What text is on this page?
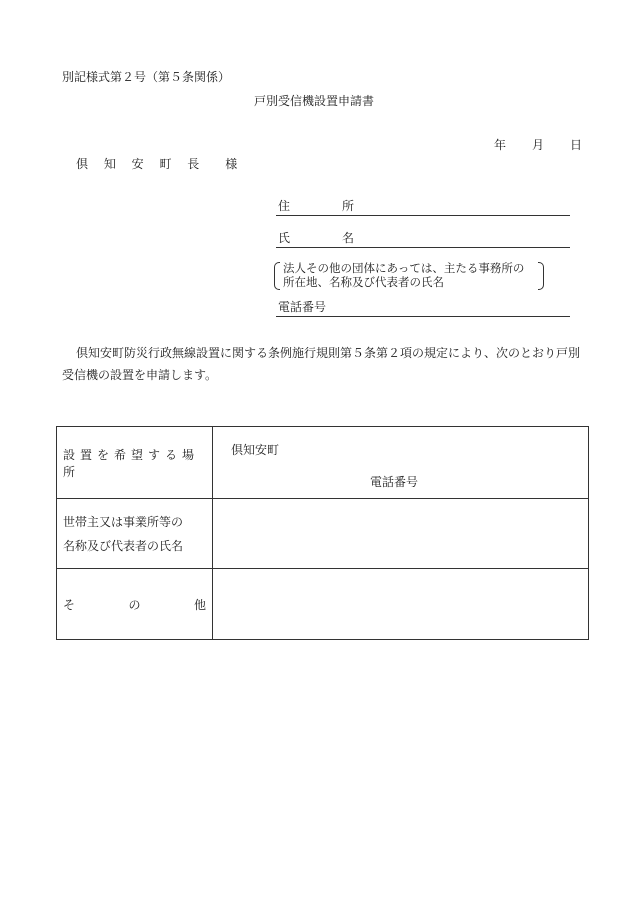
別記様式第２号（第５条関係）
戸別受信機設置申請書
年 月 日
倶 知 安 町 長 様
住　所
氏　名
法人その他の団体にあっては、主たる事務所の
所在地、名称及び代表者の氏名
電話番号
倶知安町防災行政無線設置に関する条例施行規則第５条第２項の規定により、次のとおり戸別受信機の設置を申請します。
設置を希望する場所	倶知安町
電話番号

世帯主又は事業所等の
名称及び代表者の氏名	

そ の 他	
